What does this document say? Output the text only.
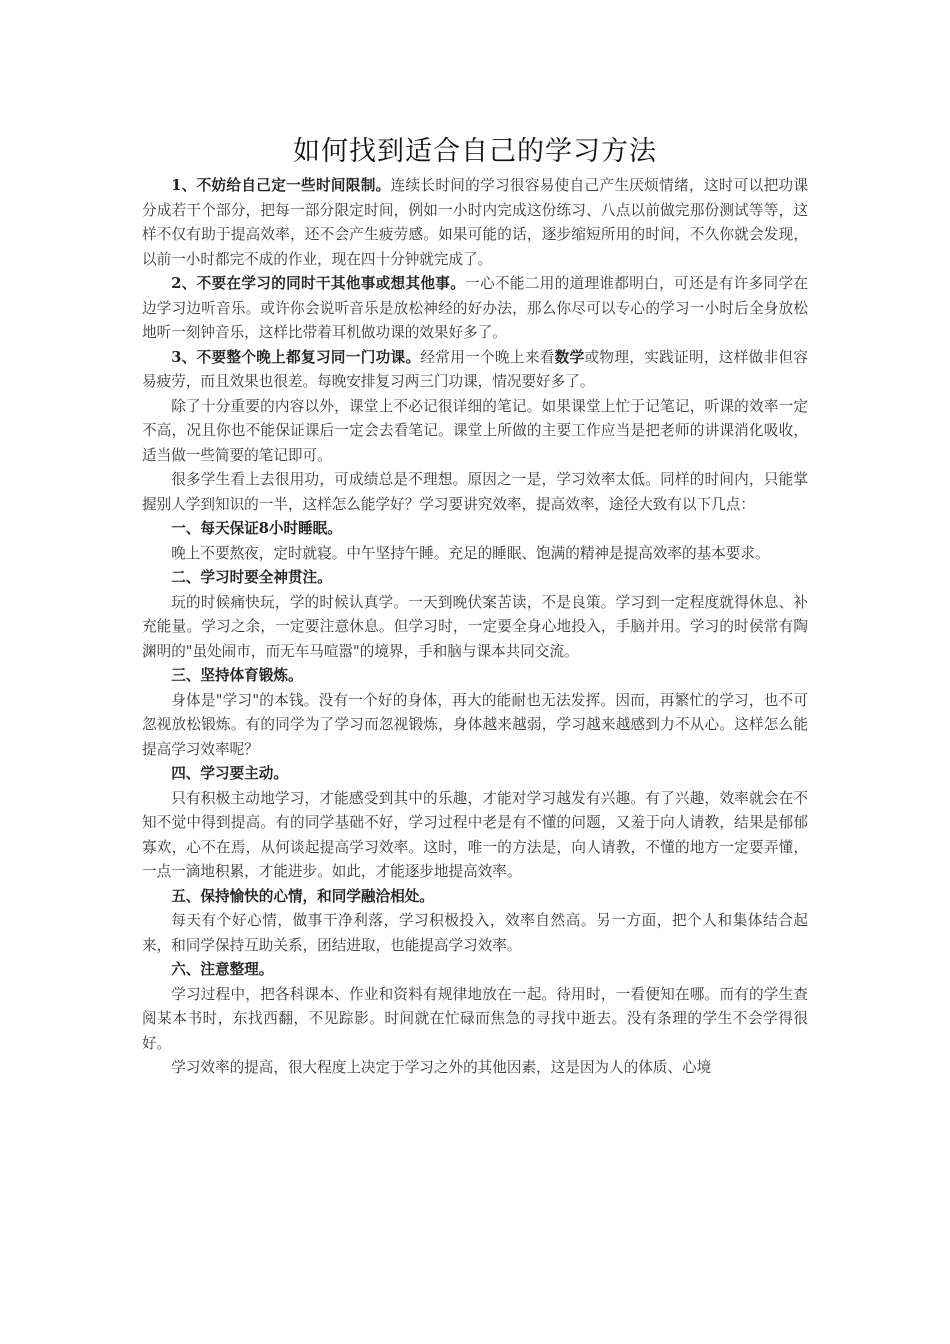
如何找到适合自己的学习方法

1、不妨给自己定一些时间限制。连续长时间的学习很容易使自己产生厌烦情绪，这时可以把功课分成若干个部分，把每一部分限定时间，例如一小时内完成这份练习、八点以前做完那份测试等等，这样不仅有助于提高效率，还不会产生疲劳感。如果可能的话，逐步缩短所用的时间，不久你就会发现，以前一小时都完不成的作业，现在四十分钟就完成了。

2、不要在学习的同时干其他事或想其他事。一心不能二用的道理谁都明白，可还是有许多同学在边学习边听音乐。或许你会说听音乐是放松神经的好办法，那么你尽可以专心的学习一小时后全身放松地听一刻钟音乐，这样比带着耳机做功课的效果好多了。

3、不要整个晚上都复习同一门功课。经常用一个晚上来看数学或物理，实践证明，这样做非但容易疲劳，而且效果也很差。每晚安排复习两三门功课，情况要好多了。

除了十分重要的内容以外，课堂上不必记很详细的笔记。如果课堂上忙于记笔记，听课的效率一定不高，况且你也不能保证课后一定会去看笔记。课堂上所做的主要工作应当是把老师的讲课消化吸收，适当做一些简要的笔记即可。

很多学生看上去很用功，可成绩总是不理想。原因之一是，学习效率太低。同样的时间内，只能掌握别人学到知识的一半，这样怎么能学好？学习要讲究效率，提高效率，途径大致有以下几点：

一、每天保证8小时睡眠。

晚上不要熬夜，定时就寝。中午坚持午睡。充足的睡眠、饱满的精神是提高效率的基本要求。

二、学习时要全神贯注。

玩的时候痛快玩，学的时候认真学。一天到晚伏案苦读，不是良策。学习到一定程度就得休息、补充能量。学习之余，一定要注意休息。但学习时，一定要全身心地投入，手脑并用。学习的时侯常有陶渊明的"虽处闹市，而无车马喧嚣"的境界，手和脑与课本共同交流。

三、坚持体育锻炼。

身体是"学习"的本钱。没有一个好的身体，再大的能耐也无法发挥。因而，再繁忙的学习，也不可忽视放松锻炼。有的同学为了学习而忽视锻炼，身体越来越弱，学习越来越感到力不从心。这样怎么能提高学习效率呢？

四、学习要主动。

只有积极主动地学习，才能感受到其中的乐趣，才能对学习越发有兴趣。有了兴趣，效率就会在不知不觉中得到提高。有的同学基础不好，学习过程中老是有不懂的问题，又羞于向人请教，结果是郁郁寡欢，心不在焉，从何谈起提高学习效率。这时，唯一的方法是，向人请教，不懂的地方一定要弄懂，一点一滴地积累，才能进步。如此，才能逐步地提高效率。

五、保持愉快的心情，和同学融洽相处。

每天有个好心情，做事干净利落，学习积极投入，效率自然高。另一方面，把个人和集体结合起来，和同学保持互助关系，团结进取，也能提高学习效率。

六、注意整理。

学习过程中，把各科课本、作业和资料有规律地放在一起。待用时，一看便知在哪。而有的学生查阅某本书时，东找西翻，不见踪影。时间就在忙碌而焦急的寻找中逝去。没有条理的学生不会学得很好。

学习效率的提高，很大程度上决定于学习之外的其他因素，这是因为人的体质、心境
